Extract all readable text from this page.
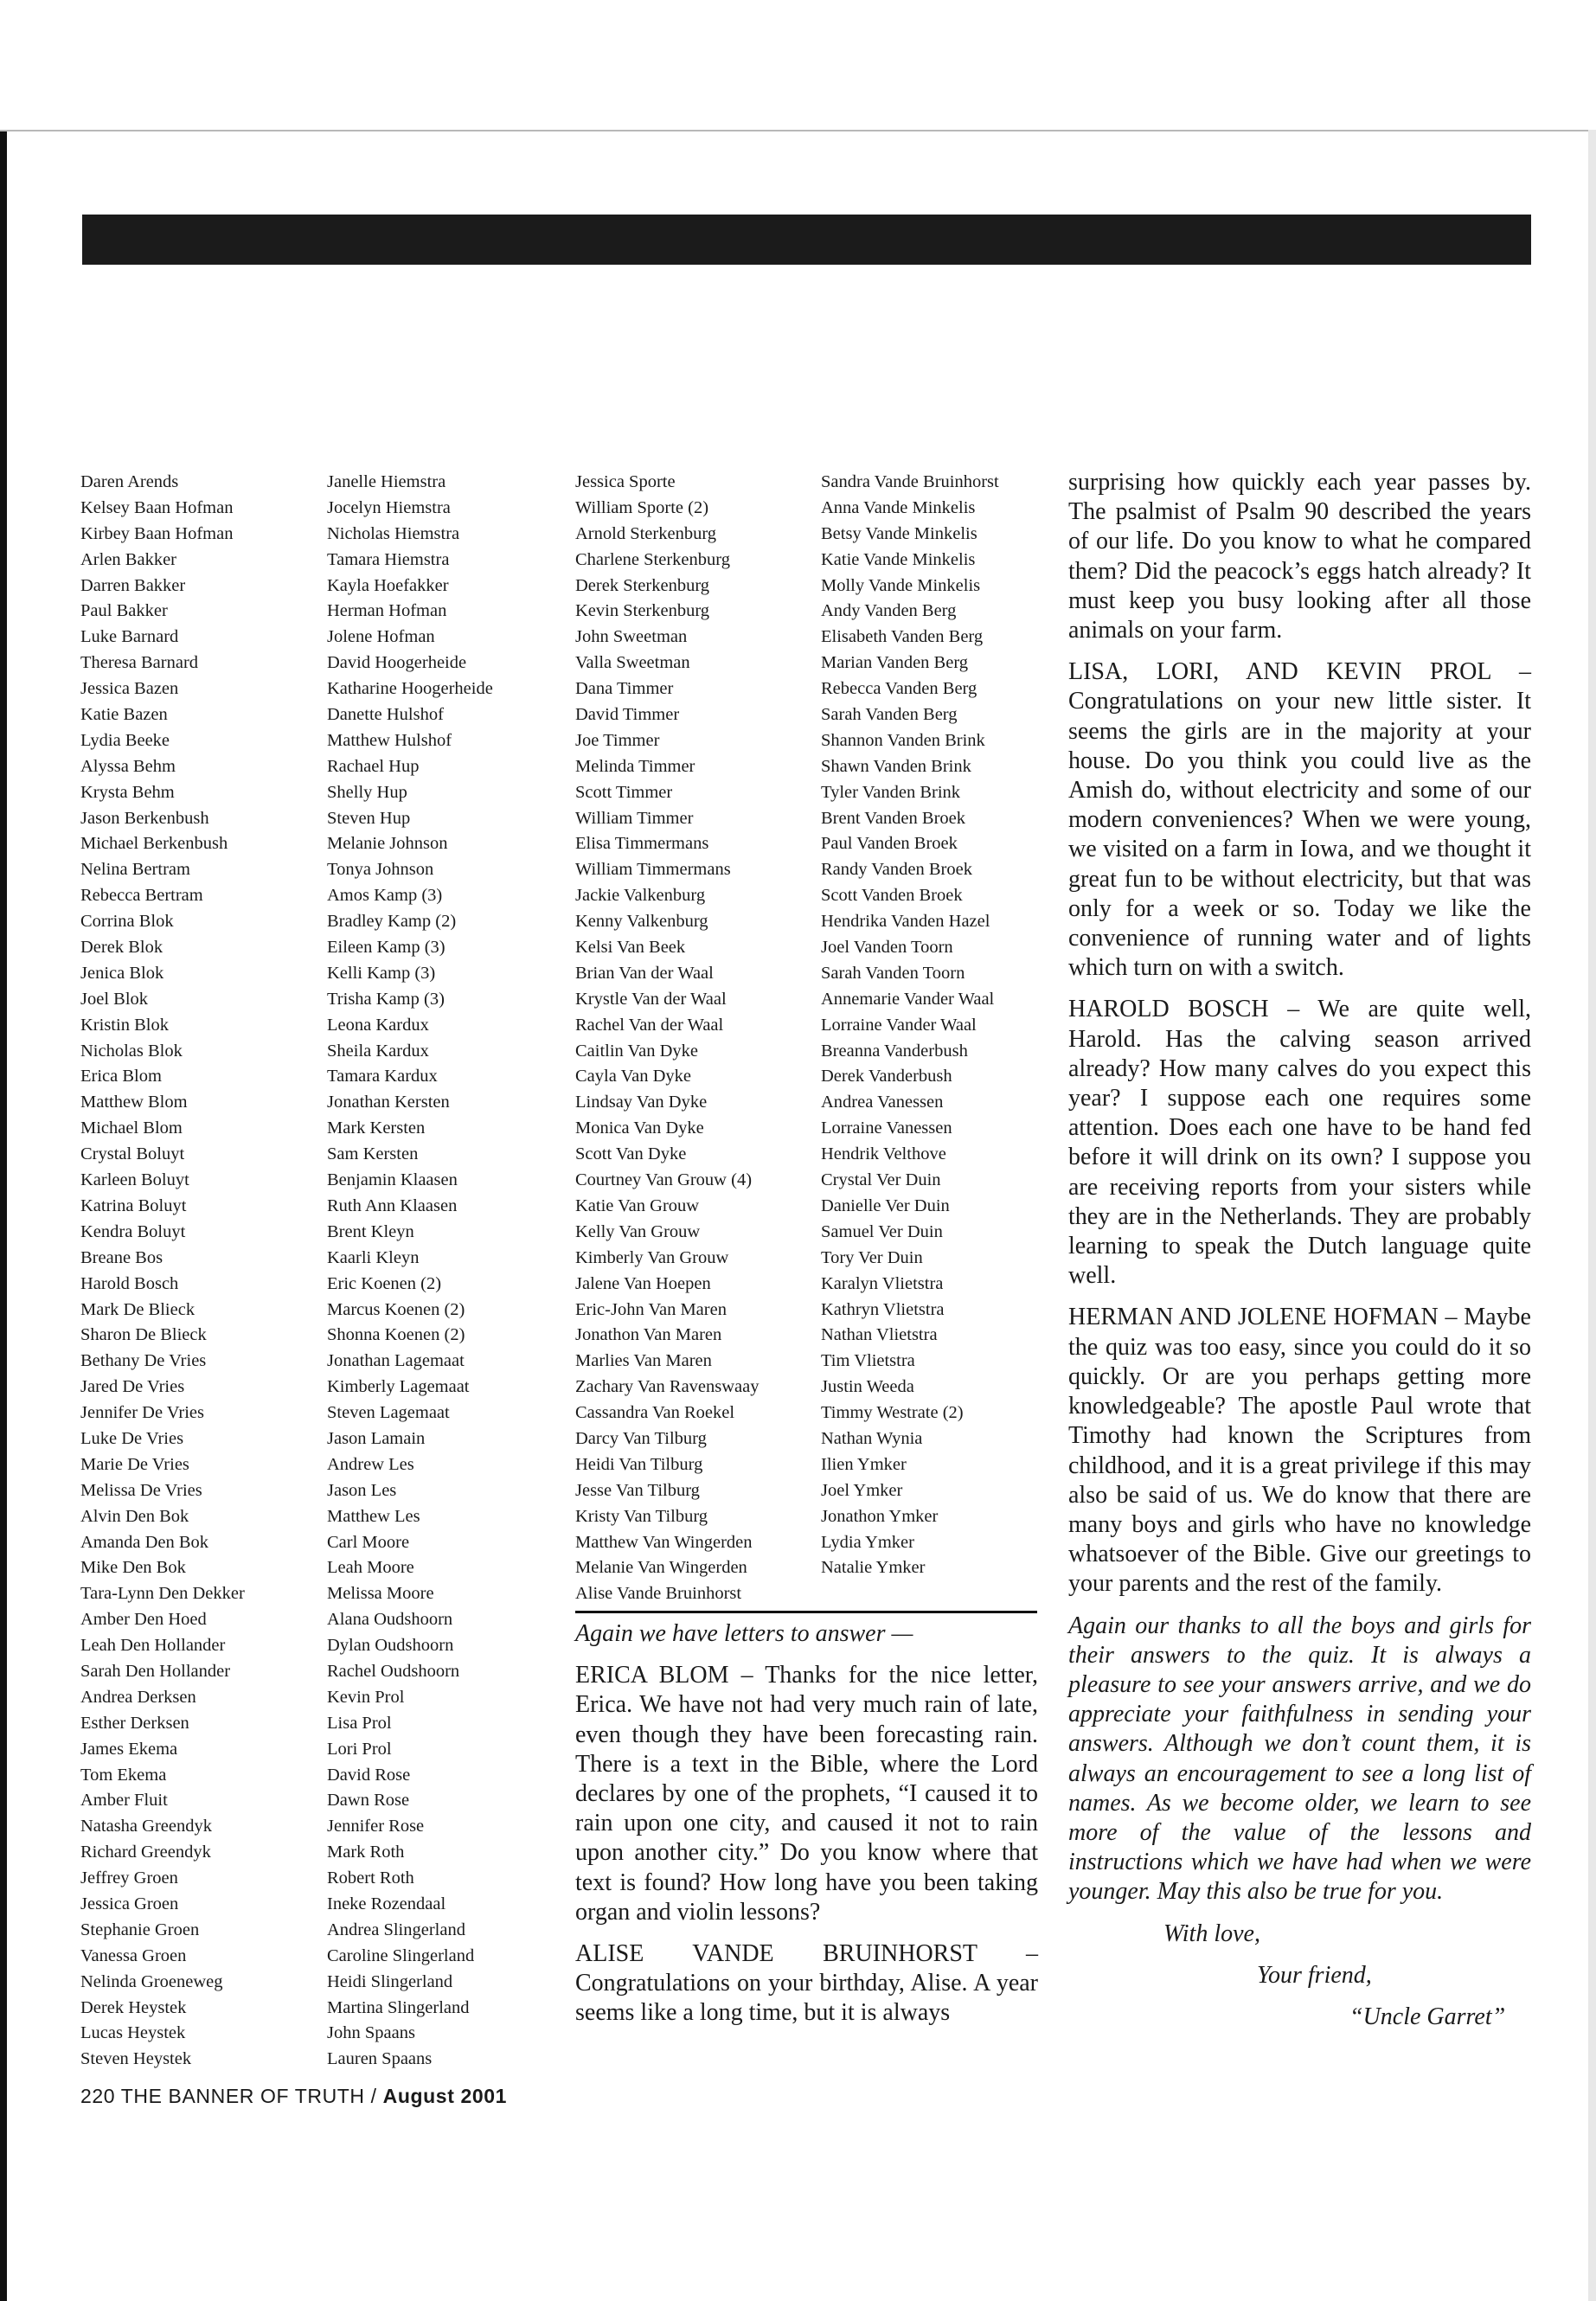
Daren Arends
Kelsey Baan Hofman
Kirbey Baan Hofman
Arlen Bakker
Darren Bakker
Paul Bakker
Luke Barnard
Theresa Barnard
Jessica Bazen
Katie Bazen
Lydia Beeke
Alyssa Behm
Krysta Behm
Jason Berkenbush
Michael Berkenbush
Nelina Bertram
Rebecca Bertram
Corrina Blok
Derek Blok
Jenica Blok
Joel Blok
Kristin Blok
Nicholas Blok
Erica Blom
Matthew Blom
Michael Blom
Crystal Boluyt
Karleen Boluyt
Katrina Boluyt
Kendra Boluyt
Breane Bos
Harold Bosch
Mark De Blieck
Sharon De Blieck
Bethany De Vries
Jared De Vries
Jennifer De Vries
Luke De Vries
Marie De Vries
Melissa De Vries
Alvin Den Bok
Amanda Den Bok
Mike Den Bok
Tara-Lynn Den Dekker
Amber Den Hoed
Leah Den Hollander
Sarah Den Hollander
Andrea Derksen
Esther Derksen
James Ekema
Tom Ekema
Amber Fluit
Natasha Greendyk
Richard Greendyk
Jeffrey Groen
Jessica Groen
Stephanie Groen
Vanessa Groen
Nelinda Groeneweg
Derek Heystek
Lucas Heystek
Steven Heystek
Janelle Hiemstra
Jocelyn Hiemstra
Nicholas Hiemstra
Tamara Hiemstra
Kayla Hoefakker
Herman Hofman
Jolene Hofman
David Hoogerheide
Katharine Hoogerheide
Danette Hulshof
Matthew Hulshof
Rachael Hup
Shelly Hup
Steven Hup
Melanie Johnson
Tonya Johnson
Amos Kamp (3)
Bradley Kamp (2)
Eileen Kamp (3)
Kelli Kamp (3)
Trisha Kamp (3)
Leona Kardux
Sheila Kardux
Tamara Kardux
Jonathan Kersten
Mark Kersten
Sam Kersten
Benjamin Klaasen
Ruth Ann Klaasen
Brent Kleyn
Kaarli Kleyn
Eric Koenen (2)
Marcus Koenen (2)
Shonna Koenen (2)
Jonathan Lagemaat
Kimberly Lagemaat
Steven Lagemaat
Jason Lamain
Andrew Les
Jason Les
Matthew Les
Carl Moore
Leah Moore
Melissa Moore
Alana Oudshoorn
Dylan Oudshoorn
Rachel Oudshoorn
Kevin Prol
Lisa Prol
Lori Prol
David Rose
Dawn Rose
Jennifer Rose
Mark Roth
Robert Roth
Ineke Rozendaal
Andrea Slingerland
Caroline Slingerland
Heidi Slingerland
Martina Slingerland
John Spaans
Lauren Spaans
Jessica Sporte
William Sporte (2)
Arnold Sterkenburg
Charlene Sterkenburg
Derek Sterkenburg
Kevin Sterkenburg
John Sweetman
Valla Sweetman
Dana Timmer
David Timmer
Joe Timmer
Melinda Timmer
Scott Timmer
William Timmer
Elisa Timmermans
William Timmermans
Jackie Valkenburg
Kenny Valkenburg
Kelsi Van Beek
Brian Van der Waal
Krystle Van der Waal
Rachel Van der Waal
Caitlin Van Dyke
Cayla Van Dyke
Lindsay Van Dyke
Monica Van Dyke
Scott Van Dyke
Courtney Van Grouw (4)
Katie Van Grouw
Kelly Van Grouw
Kimberly Van Grouw
Jalene Van Hoepen
Eric-John Van Maren
Jonathon Van Maren
Marlies Van Maren
Zachary Van Ravenswaay
Cassandra Van Roekel
Darcy Van Tilburg
Heidi Van Tilburg
Jesse Van Tilburg
Kristy Van Tilburg
Matthew Van Wingerden
Melanie Van Wingerden
Alise Vande Bruinhorst
Sandra Vande Bruinhorst
Anna Vande Minkelis
Betsy Vande Minkelis
Katie Vande Minkelis
Molly Vande Minkelis
Andy Vanden Berg
Elisabeth Vanden Berg
Marian Vanden Berg
Rebecca Vanden Berg
Sarah Vanden Berg
Shannon Vanden Brink
Shawn Vanden Brink
Tyler Vanden Brink
Brent Vanden Broek
Paul Vanden Broek
Randy Vanden Broek
Scott Vanden Broek
Hendrika Vanden Hazel
Joel Vanden Toorn
Sarah Vanden Toorn
Annemarie Vander Waal
Lorraine Vander Waal
Breanna Vanderbush
Derek Vanderbush
Andrea Vanessen
Lorraine Vanessen
Hendrik Velthove
Crystal Ver Duin
Danielle Ver Duin
Samuel Ver Duin
Tory Ver Duin
Karalyn Vlietstra
Kathryn Vlietstra
Nathan Vlietstra
Tim Vlietstra
Justin Weeda
Timmy Westrate (2)
Nathan Wynia
Ilien Ymker
Joel Ymker
Jonathon Ymker
Lydia Ymker
Natalie Ymker

Again we have letters to answer —

ERICA BLOM – Thanks for the nice letter, Erica. We have not had very much rain of late, even though they have been forecasting rain. There is a text in the Bible, where the Lord declares by one of the prophets, “I caused it to rain upon one city, and caused it not to rain upon another city.” Do you know where that text is found? How long have you been taking organ and violin lessons?

ALISE VANDE BRUINHORST – Congratulations on your birthday, Alise. A year seems like a long time, but it is always

surprising how quickly each year passes by. The psalmist of Psalm 90 described the years of our life. Do you know to what he compared them? Did the peacock’s eggs hatch already? It must keep you busy looking after all those animals on your farm.

LISA, LORI, AND KEVIN PROL – Congratulations on your new little sister. It seems the girls are in the majority at your house. Do you think you could live as the Amish do, without electricity and some of our modern conveniences? When we were young, we visited on a farm in Iowa, and we thought it great fun to be without electricity, but that was only for a week or so. Today we like the convenience of running water and of lights which turn on with a switch.

HAROLD BOSCH – We are quite well, Harold. Has the calving season arrived already? How many calves do you expect this year? I suppose each one requires some attention. Does each one have to be hand fed before it will drink on its own? I suppose you are receiving reports from your sisters while they are in the Netherlands. They are probably learning to speak the Dutch language quite well.

HERMAN AND JOLENE HOFMAN – Maybe the quiz was too easy, since you could do it so quickly. Or are you perhaps getting more knowledgeable? The apostle Paul wrote that Timothy had known the Scriptures from childhood, and it is a great privilege if this may also be said of us. We do know that there are many boys and girls who have no knowledge whatsoever of the Bible. Give our greetings to your parents and the rest of the family.

Again our thanks to all the boys and girls for their answers to the quiz. It is always a pleasure to see your answers arrive, and we do appreciate your faithfulness in sending your answers. Although we don’t count them, it is always an encouragement to see a long list of names. As we become older, we learn to see more of the value of the lessons and instructions which we have had when we were younger. May this also be true for you.

With love,

Your friend,

“Uncle Garret”

220 THE BANNER OF TRUTH / August 2001
